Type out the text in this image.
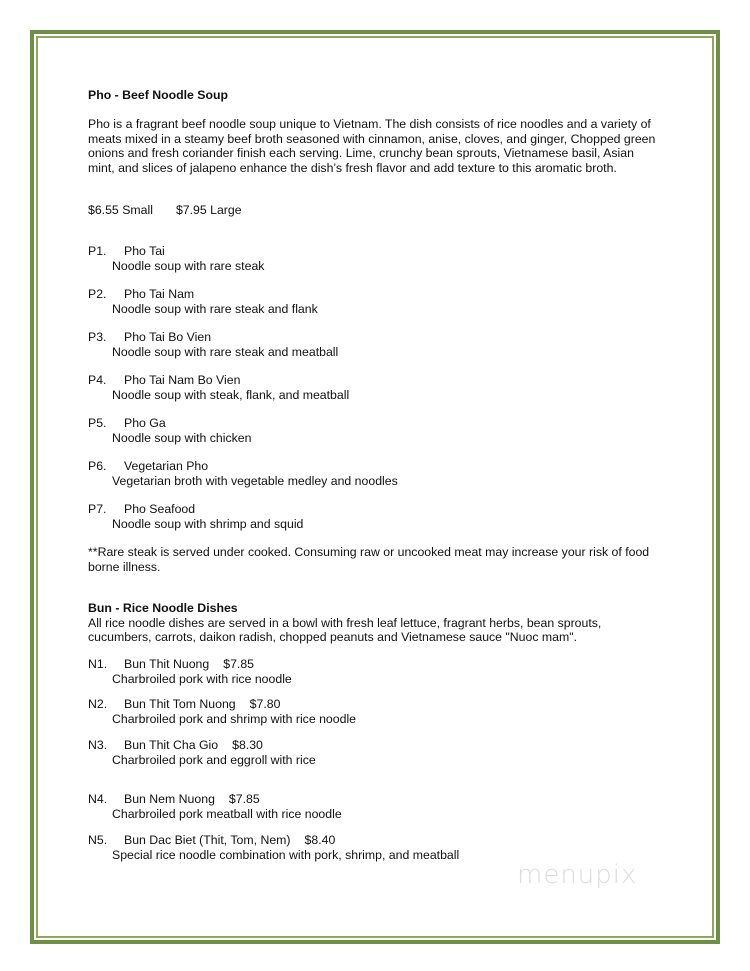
Pho - Beef Noodle Soup
Pho is a fragrant beef noodle soup unique to Vietnam. The dish consists of rice noodles and a variety of
meats mixed in a steamy beef broth seasoned with cinnamon, anise, cloves, and ginger, Chopped green
onions and fresh coriander finish each serving. Lime, crunchy bean sprouts, Vietnamese basil, Asian
mint, and slices of jalapeno enhance the dish’s fresh flavor and add texture to this aromatic broth.
$6.55 Small $7.95 Large
**Rare steak is served under cooked. Consuming raw or uncooked meat may increase your risk of food
borne illness.
Bun - Rice Noodle Dishes
All rice noodle dishes are served in a bowl with fresh leaf lettuce, fragrant herbs, bean sprouts,
cucumbers, carrots, daikon radish, chopped peanuts and Vietnamese sauce "Nuoc mam".
menupix
P1. Pho Tai
Noodle soup with rare steak
P2. Pho Tai Nam
Noodle soup with rare steak and flank
P3. Pho Tai Bo Vien
Noodle soup with rare steak and meatball
P4. Pho Tai Nam Bo Vien
Noodle soup with steak, flank, and meatball
P5. Pho Ga
Noodle soup with chicken
P6. Vegetarian Pho
Vegetarian broth with vegetable medley and noodles
P7. Pho Seafood
Noodle soup with shrimp and squid
N1. Bun Thit Nuong $7.85
Charbroiled pork with rice noodle
N2. Bun Thit Tom Nuong $7.80
Charbroiled pork and shrimp with rice noodle
N3. Bun Thit Cha Gio $8.30
Charbroiled pork and eggroll with rice
N4. Bun Nem Nuong $7.85
Charbroiled pork meatball with rice noodle
N5. Bun Dac Biet (Thit, Tom, Nem) $8.40
Special rice noodle combination with pork, shrimp, and meatball
